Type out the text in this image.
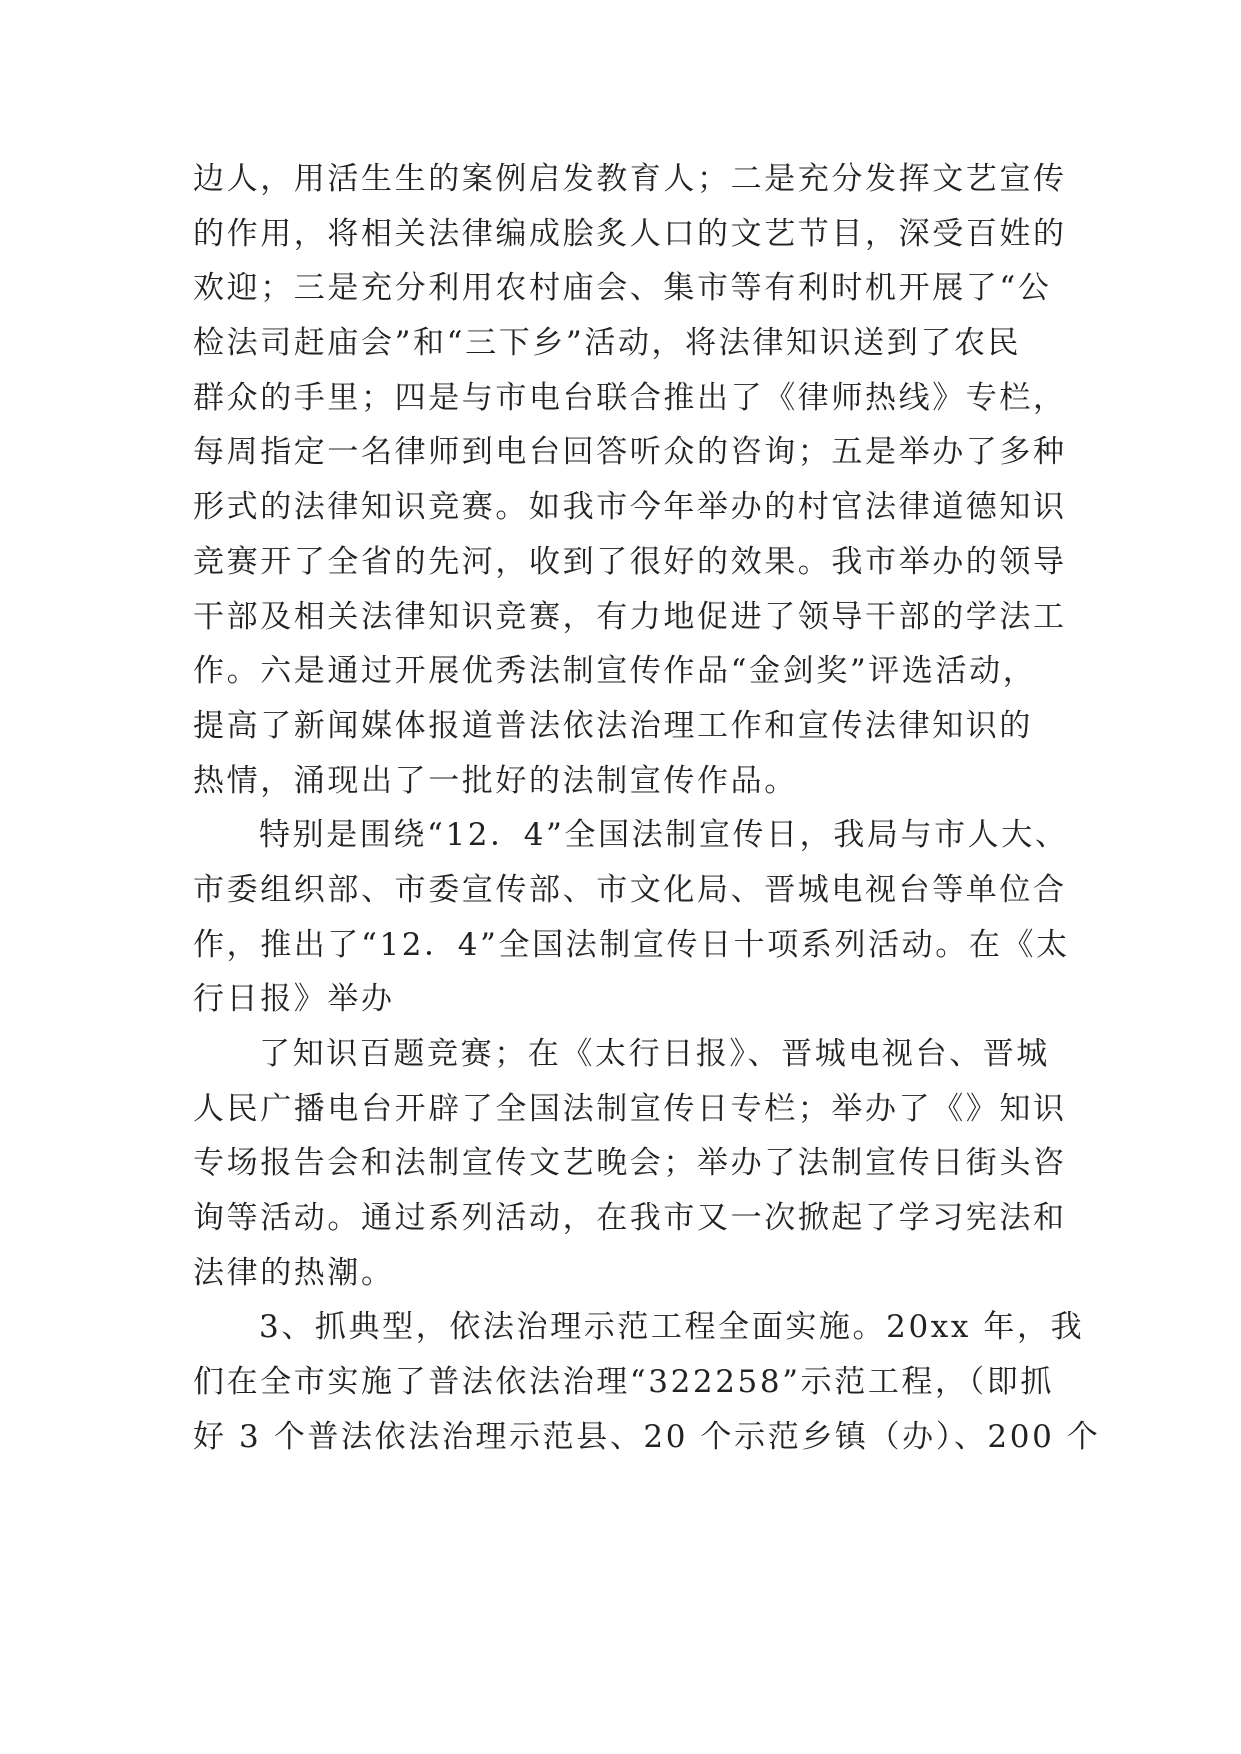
边人，用活生生的案例启发教育人；二是充分发挥文艺宣传
的作用，将相关法律编成脍炙人口的文艺节目，深受百姓的
欢迎；三是充分利用农村庙会、集市等有利时机开展了“公
检法司赶庙会”和“三下乡”活动，将法律知识送到了农民
群众的手里；四是与市电台联合推出了《律师热线》专栏，
每周指定一名律师到电台回答听众的咨询；五是举办了多种
形式的法律知识竞赛。如我市今年举办的村官法律道德知识
竞赛开了全省的先河，收到了很好的效果。我市举办的领导
干部及相关法律知识竞赛，有力地促进了领导干部的学法工
作。六是通过开展优秀法制宣传作品“金剑奖”评选活动，
提高了新闻媒体报道普法依法治理工作和宣传法律知识的
热情，涌现出了一批好的法制宣传作品。
特别是围绕“12．4”全国法制宣传日，我局与市人大、
市委组织部、市委宣传部、市文化局、晋城电视台等单位合
作，推出了“12．4”全国法制宣传日十项系列活动。在《太
行日报》举办
了知识百题竞赛；在《太行日报》、晋城电视台、晋城
人民广播电台开辟了全国法制宣传日专栏；举办了《》知识
专场报告会和法制宣传文艺晚会；举办了法制宣传日街头咨
询等活动。通过系列活动，在我市又一次掀起了学习宪法和
法律的热潮。
3、抓典型，依法治理示范工程全面实施。20xx 年，我
们在全市实施了普法依法治理“322258”示范工程，（即抓
好 3 个普法依法治理示范县、20 个示范乡镇（办）、200 个
